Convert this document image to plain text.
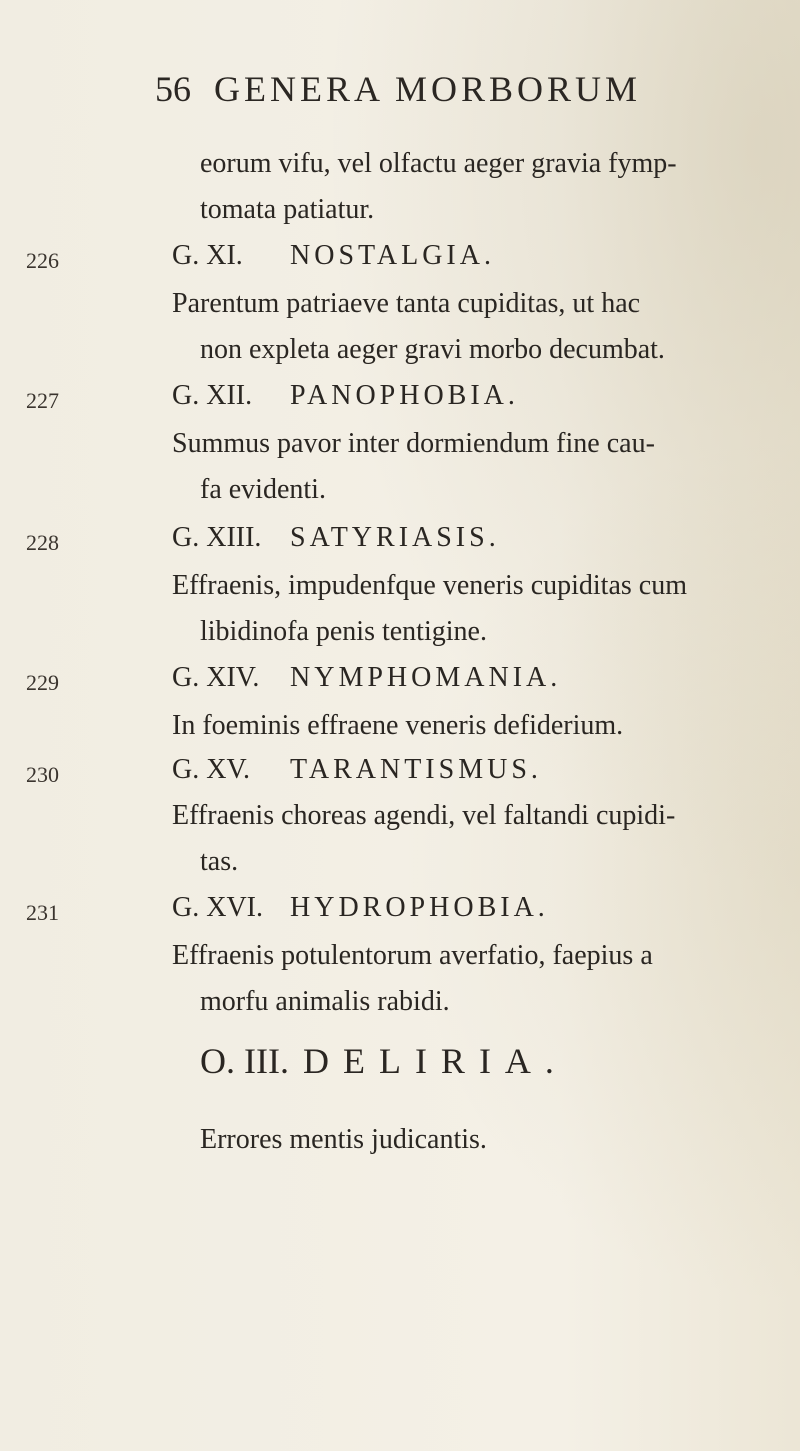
56 GENERA MORBORUM
eorum vifu, vel olfactu aeger gravia fymp-
tomata patiatur.
226	G. XI. NOSTALGIA.
Parentum patriaeve tanta cupiditas, ut hac
non expleta aeger gravi morbo decumbat.
227	G. XII. PANOPHOBIA.
Summus pavor inter dormiendum fine cau-
fa evidenti.
228	G. XIII. SATYRIASIS.
Effraenis, impudenfque veneris cupiditas cum
libidinofa penis tentigine.
229	G. XIV. NYMPHOMANIA.
In foeminis effraene veneris defiderium.
230	G. XV. TARANTISMUS.
Effraenis choreas agendi, vel faltandi cupidi-
tas.
231	G. XVI. HYDROPHOBIA.
Effraenis potulentorum averfatio, faepius a
morfu animalis rabidi.
O. III. DELIRIA.
Errores mentis judicantis.
